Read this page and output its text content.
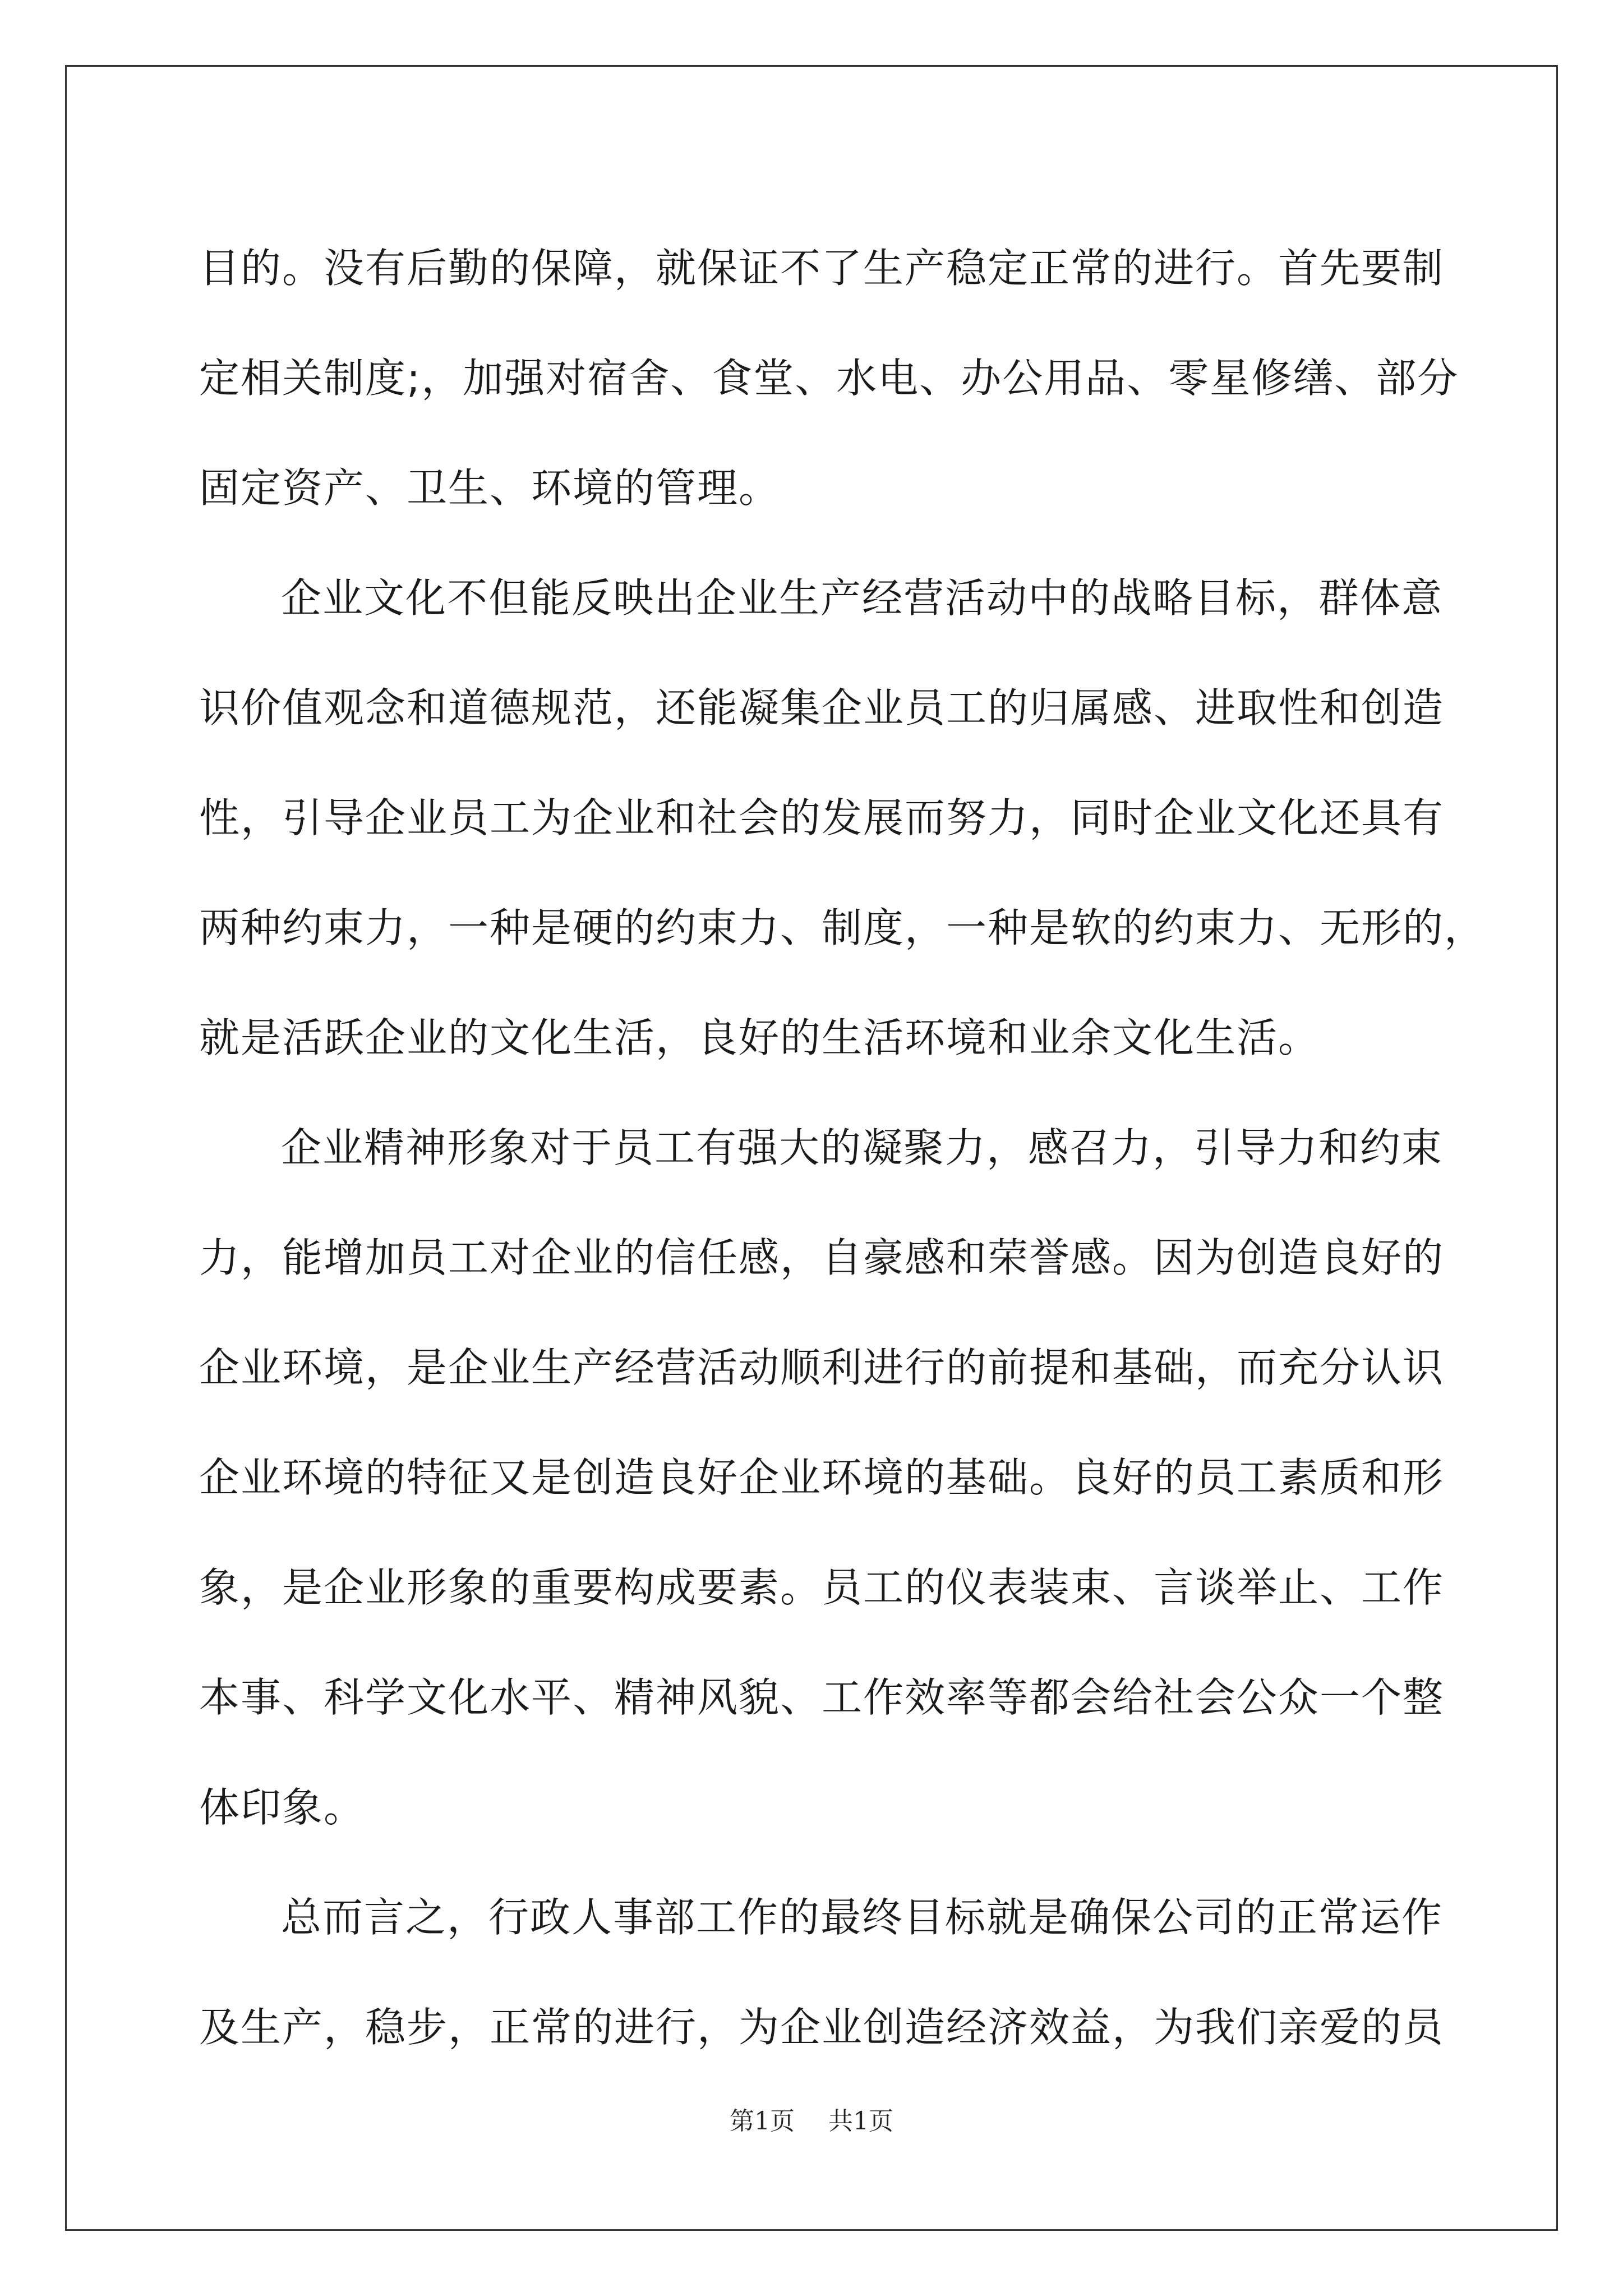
目的。没有后勤的保障，就保证不了生产稳定正常的进行。首先要制
定相关制度;，加强对宿舍、食堂、水电、办公用品、零星修缮、部分
固定资产、卫生、环境的管理。
企业文化不但能反映出企业生产经营活动中的战略目标，群体意
识价值观念和道德规范，还能凝集企业员工的归属感、进取性和创造
性，引导企业员工为企业和社会的发展而努力，同时企业文化还具有
两种约束力，一种是硬的约束力、制度，一种是软的约束力、无形的，
就是活跃企业的文化生活，良好的生活环境和业余文化生活。
企业精神形象对于员工有强大的凝聚力，感召力，引导力和约束
力，能增加员工对企业的信任感，自豪感和荣誉感。因为创造良好的
企业环境，是企业生产经营活动顺利进行的前提和基础，而充分认识
企业环境的特征又是创造良好企业环境的基础。良好的员工素质和形
象，是企业形象的重要构成要素。员工的仪表装束、言谈举止、工作
本事、科学文化水平、精神风貌、工作效率等都会给社会公众一个整
体印象。
总而言之，行政人事部工作的最终目标就是确保公司的正常运作
及生产，稳步，正常的进行，为企业创造经济效益，为我们亲爱的员
第1页 共1页
